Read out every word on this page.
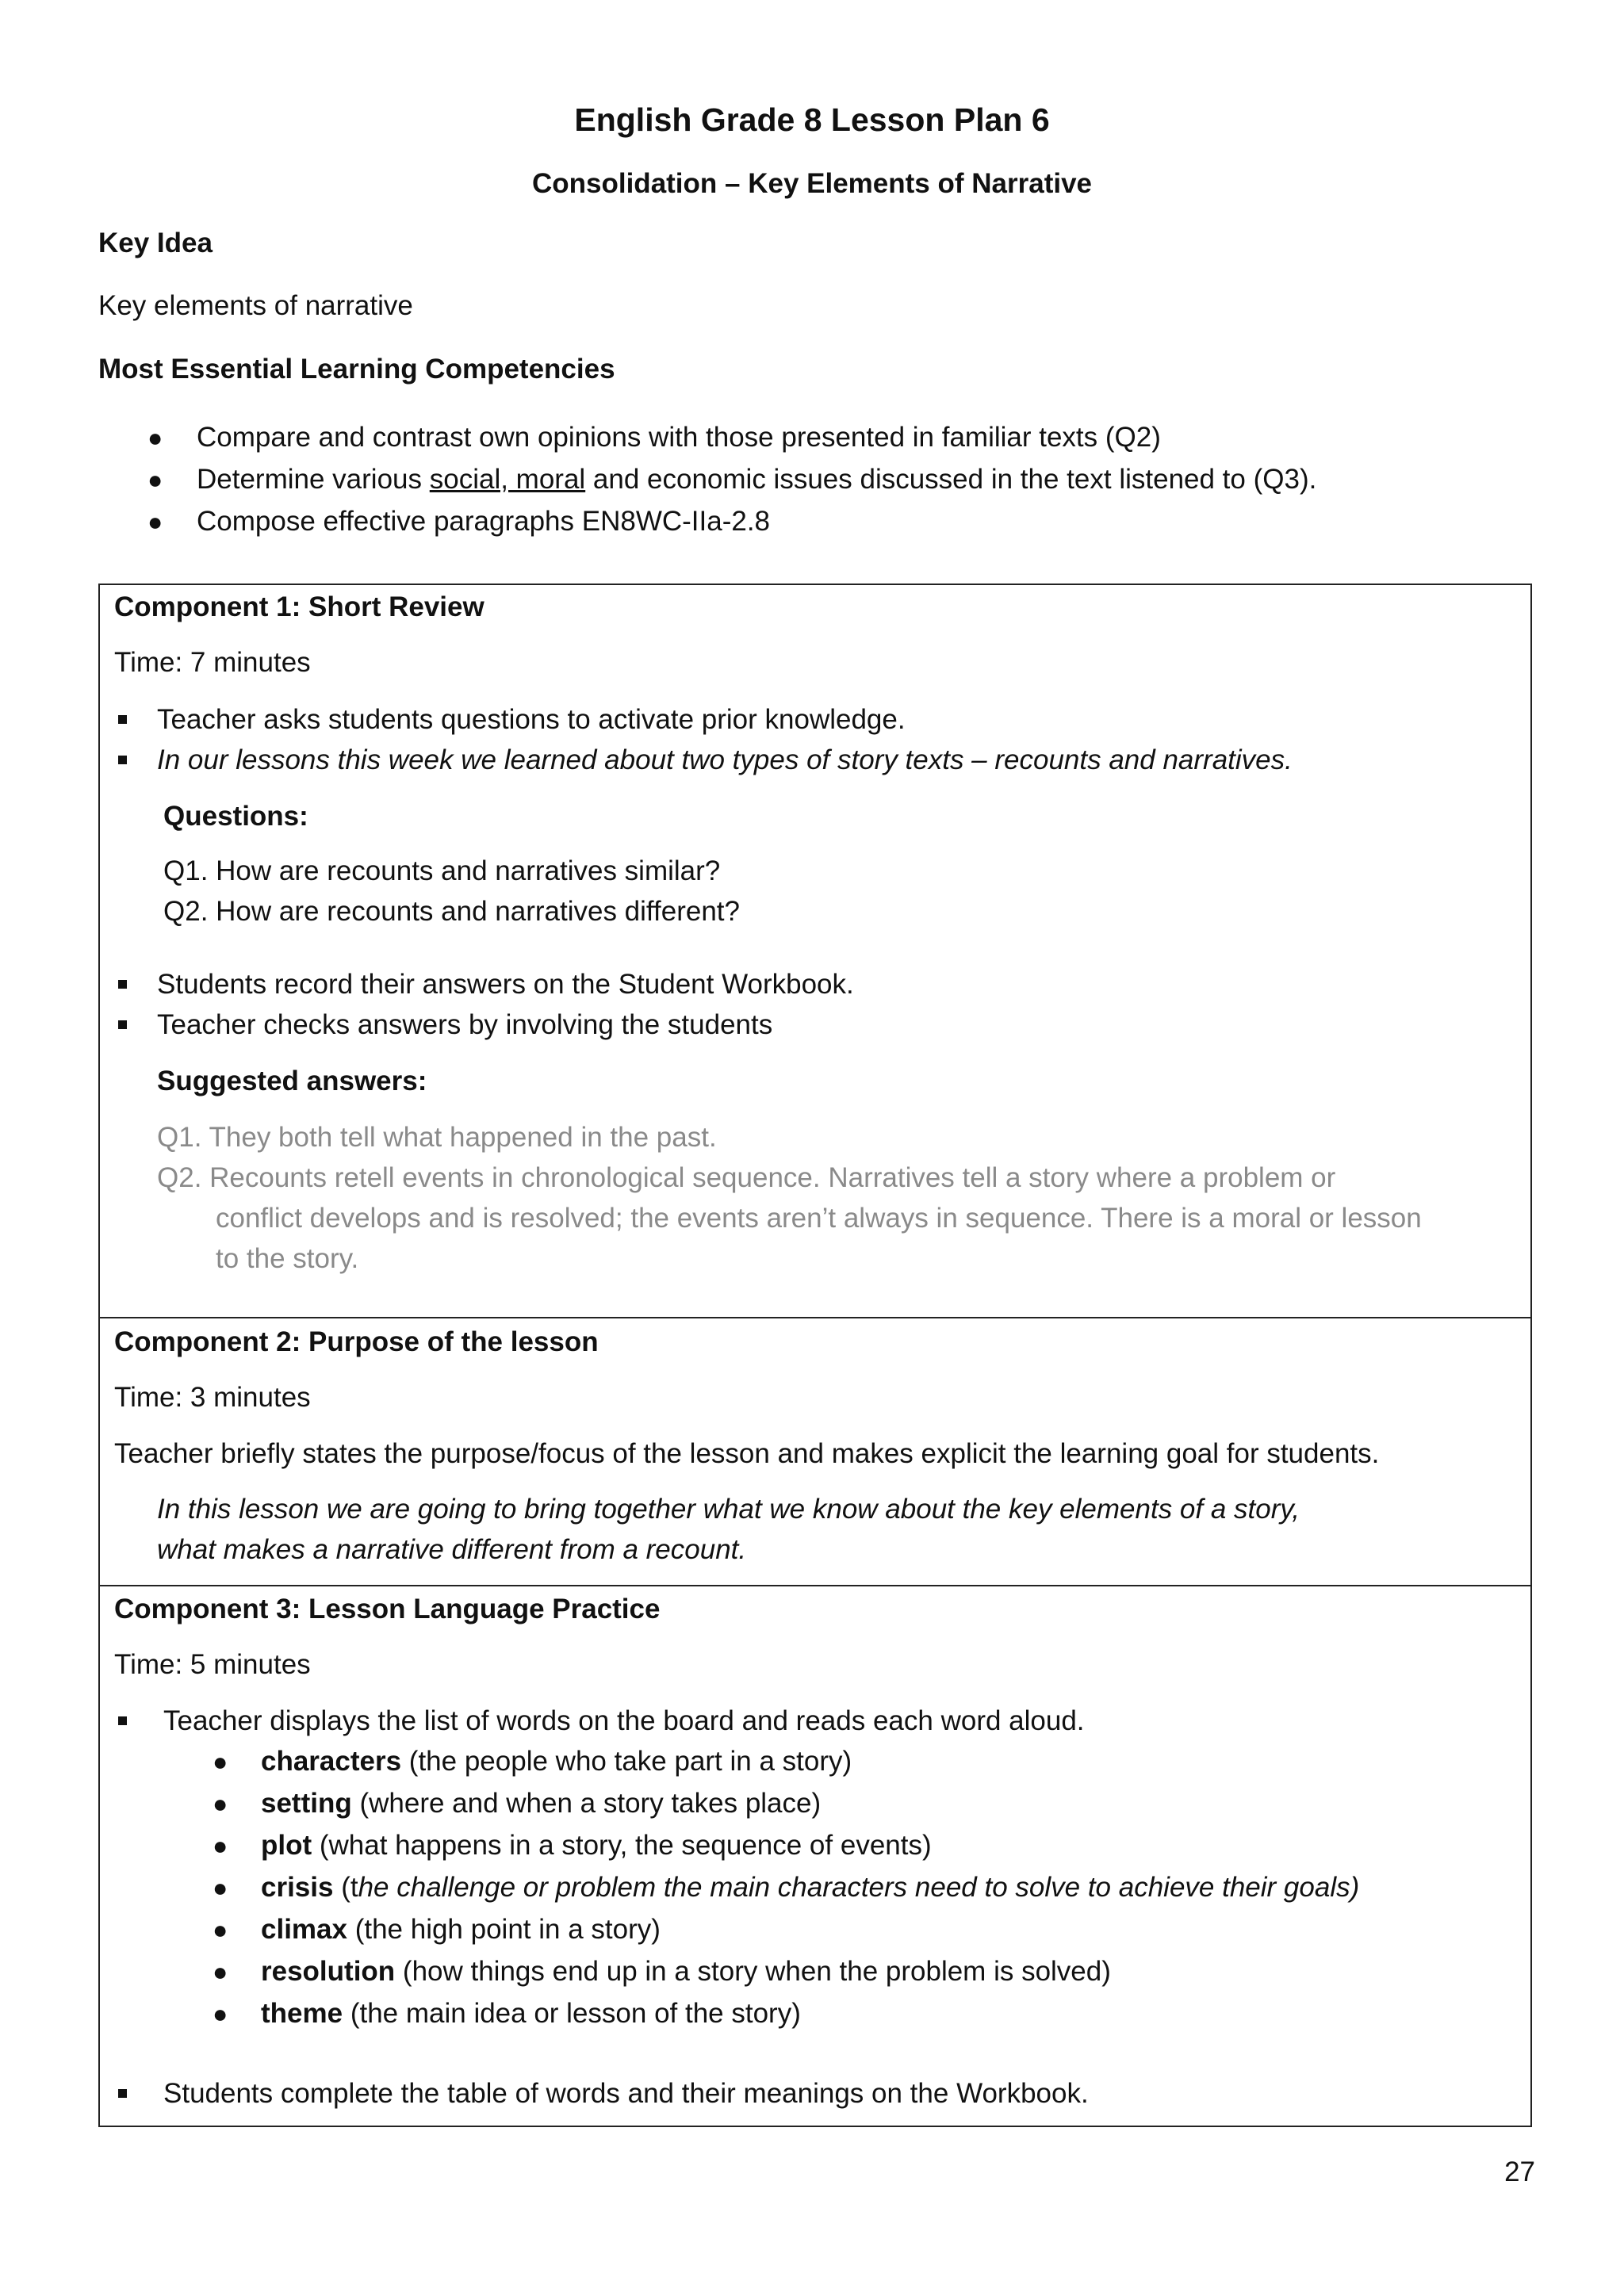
English Grade 8 Lesson Plan 6
Consolidation – Key Elements of Narrative
Key Idea
Key elements of narrative
Most Essential Learning Competencies
● Compare and contrast own opinions with those presented in familiar texts (Q2)
● Determine various social, moral and economic issues discussed in the text listened to (Q3).
● Compose effective paragraphs EN8WC-IIa-2.8
Component 1: Short Review
Time: 7 minutes
Teacher asks students questions to activate prior knowledge.
In our lessons this week we learned about two types of story texts – recounts and narratives.
Questions:
Q1. How are recounts and narratives similar?
Q2. How are recounts and narratives different?
Students record their answers on the Student Workbook.
Teacher checks answers by involving the students
Suggested answers:
Q1. They both tell what happened in the past.
Q2. Recounts retell events in chronological sequence. Narratives tell a story where a problem or
conflict develops and is resolved; the events aren’t always in sequence. There is a moral or lesson
to the story.
Component 2: Purpose of the lesson
Time: 3 minutes
Teacher briefly states the purpose/focus of the lesson and makes explicit the learning goal for students.
In this lesson we are going to bring together what we know about the key elements of a story,
what makes a narrative different from a recount.
Component 3: Lesson Language Practice
Time: 5 minutes
Teacher displays the list of words on the board and reads each word aloud.
● characters (the people who take part in a story)
● setting (where and when a story takes place)
● plot (what happens in a story, the sequence of events)
● crisis (the challenge or problem the main characters need to solve to achieve their goals)
● climax (the high point in a story)
● resolution (how things end up in a story when the problem is solved)
● theme (the main idea or lesson of the story)
Students complete the table of words and their meanings on the Workbook.
27
